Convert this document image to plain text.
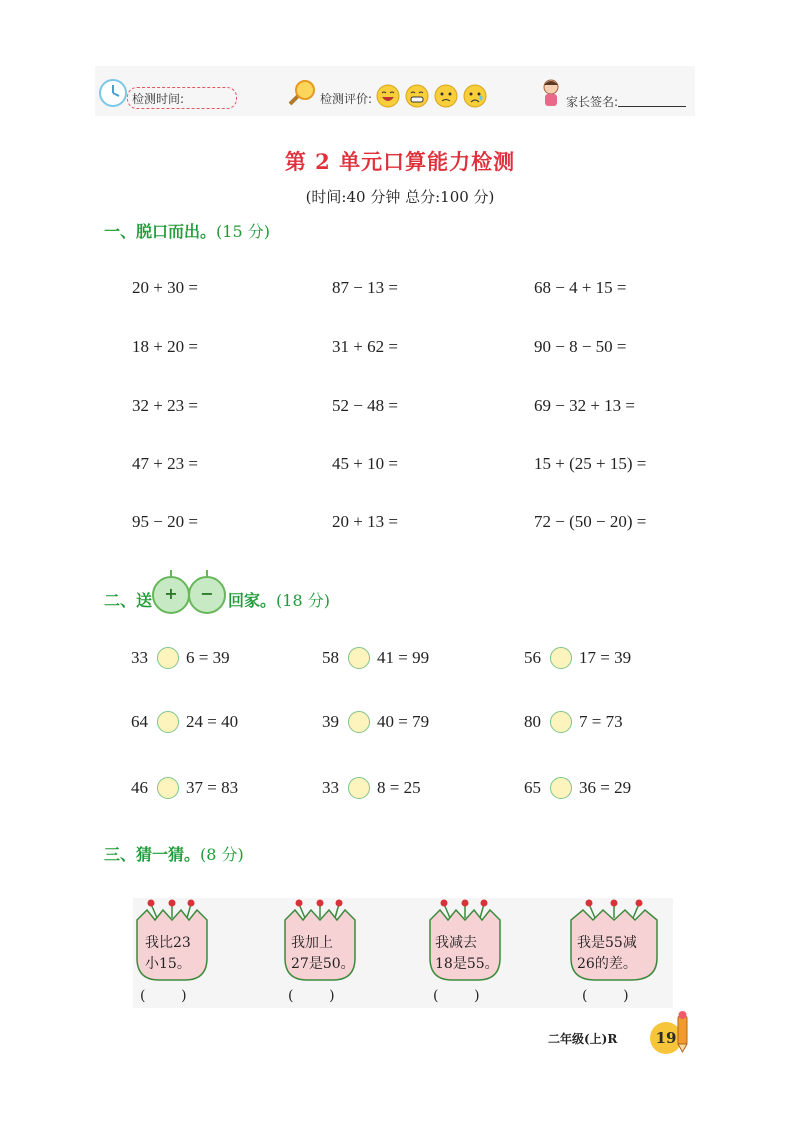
检测时间:	检测评价:	家长签名:
第 2 单元口算能力检测
(时间:40 分钟 总分:100 分)
一、脱口而出。(15 分)
20 + 30 =	87 − 13 =	68 − 4 + 15 =
18 + 20 =	31 + 62 =	90 − 8 − 50 =
32 + 23 =	52 − 48 =	69 − 32 + 13 =
47 + 23 =	45 + 10 =	15 + (25 + 15) =
95 − 20 =	20 + 13 =	72 − (50 − 20) =
二、送 +	− 回家。(18 分)
33 6 = 39	58 41 = 99	56 17 = 39
64 24 = 40	39 40 = 79	80 7 = 73
46 37 = 83	33 8 = 25	65 36 = 29
三、猜一猜。(8 分)
我比23
小15。
(        )
我加上
27是50。
(        )
我减去
18是55。
(        )
我是55减
26的差。
(        )
二年级(上)R	19
